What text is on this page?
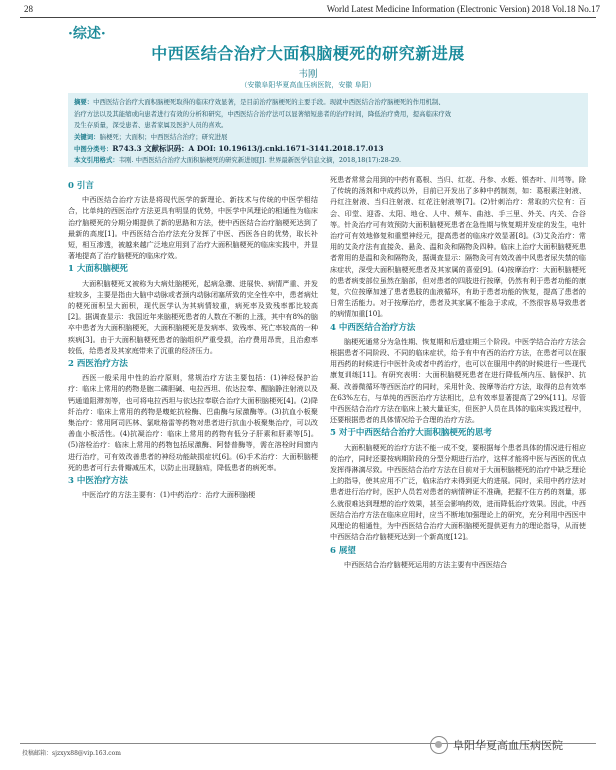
28	World Latest Medicine Information (Electronic Version) 2018 Vol.18 No.17
·综述·
中西医结合治疗大面积脑梗死的研究新进展
韦刚
（安徽阜阳华夏高血压病医院，安徽 阜阳）
摘要：中西医结合治疗大面积脑梗死取得的临床疗效显著，是目前治疗脑梗死的主要手段。现就中西医结合治疗脑梗死的作用机制、
治疗方法以及其能缩或向患者进行有效的分析和研究，中西医结合治疗法可以显著缩短患者的治疗时间，降低治疗费用，提高临床疗效
及生存质量，深受患者、患者家属及医护人员的喜欢。
关键词：脑梗死；大面积；中西医结合治疗；研究进展
中图分类号：R743.3 文献标识码：A DOI: 10.19613/j.cnki.1671-3141.2018.17.013
本文引用格式：韦刚. 中西医结合治疗大面积脑梗死的研究新进展[J]. 世界最新医学信息文摘，2018,18(17):28-29.
0 引言

中西医结合治疗方法是将现代医学的新理论、新技术与传统的中医学相结合，比单纯的西医治疗方法更具有明显的优势，中医学中风理论的相通性为临床治疗脑梗死的分期分期提供了新的思路和方法，使中西医结合治疗脑梗死达到了最新的高度[1]。中西医结合治疗法充分发挥了中医、西医各自的优势，取长补短，相互渗透，被越来越广泛地应用到了治疗大面积脑梗死的临床实践中，并显著地提高了治疗脑梗死的临床疗效。

1 大面积脑梗死

大面积脑梗死又被称为大病灶脑梗死，起病急骤、进展快、病情严重、并发症较多，主要是指由大脑中动脉或者颈内动脉闭塞所致的完全性卒中，患者病灶的梗死面积呈大面积，现代医学认为其病情较重，病死率及致残率都比较高[2]。据调查显示：我国近年来脑梗死患者的人数在不断的上涨，其中有8%的脑卒中患者为大面积脑梗死，大面积脑梗死是发病率、致残率、死亡率较高的一种疾病[3]。由于大面积脑梗死患者的脑组织严重受损，治疗费用昂贵，且治愈率较低，给患者及其家庭带来了沉重的经济压力。

2 西医治疗方法

西医一般采用中性的治疗原则，常规治疗方法主要包括：(1)神经保护治疗：临床上常用的药物是胞二磷胆碱、电拉西坦、依达拉奉、醒脑静注射液以及钙通道阻滞剂等，也可将电拉西坦与依达拉奉联合治疗大面积脑梗死[4]。(2)降纤治疗：临床上常用的药物是蝮蛇抗栓酶、巴曲酶与尿激酶等。(3)抗血小板聚集治疗：常用阿司匹林、氯吡格雷等药物对患者进行抗血小板聚集治疗，可以改善血小板活性。(4)抗凝治疗：临床上常用的药物有低分子肝素和肝素等[5]。(5)溶栓治疗：临床上常用的药物包括尿激酶、阿替普酶等，需在溶栓时间窗内进行治疗，可有效改善患者的神经功能缺损症状[6]。(6)手术治疗：大面积脑梗死的患者可行去骨瓣减压术，以防止出现脑疝，降低患者的病死率。

3 中医治疗方法

中医治疗的方法主要有：(1)中药治疗：治疗大面积脑梗

死患者常常会用到的中药有葛根、当归、红花、丹参、水蛭、银杏叶、川芎等。除了传统的汤剂和中成药以外，目前已开发出了多种中药制剂，如：葛根素注射液、丹红注射液、当归注射液、红花注射液等[7]。(2)针刺治疗：常取的穴位有：百会、印堂、迎香、太阳、地仓、人中、颊车、曲池、手三里、外关、内关、合谷等。针灸治疗可有效预防大面积脑梗死患者在急性期与恢复期并发症的发生，电针治疗可有效地修复和重塑神经元，提高患者的临床疗效显著[8]。(3)艾灸治疗：常用的艾灸疗法有直接灸、悬灸、温和灸和隔物灸四种。临床上治疗大面积脑梗死患者常用的是温和灸和隔物灸，据调查显示：隔物灸可有效改善中风患者尿失禁的临床症状，深受大面积脑梗死患者及其家属的喜爱[9]。(4)按摩治疗：大面积脑梗死的患者病变部位虽然在脑部，但对患者的四肢进行按摩，仍然有利于患者功能的康复，穴位按摩加速了患者患肢的血液循环，有助于患者功能的恢复，提高了患者的日常生活能力。对于按摩治疗，患者及其家属不能急于求成，不然很容易导致患者的病情加重[10]。

4 中西医结合治疗方法

脑梗死通常分为急性期、恢复期和后遗症期三个阶段。中医学结合治疗方法会根据患者不同阶段、不同的临床症状，给予有中有西的治疗方法，在患者可以在服用西药的时候进行中医针灸或者中药治疗，也可以在服用中药的时候进行一些现代康复训练[11]。有研究表明：大面积脑梗死患者在进行降低颅内压、脑保护、抗凝、改善微循环等西医治疗的同时，采用针灸、按摩等治疗方法，取得的总有效率在63%左右，与单纯的西医治疗方法相比，总有效率显著提高了29%[11]。尽管中西医结合治疗方法在临床上被大量证实，但医护人员在具体的临床实践过程中，还要根据患者的具体情况给予合理的治疗方法。

5 对于中西医结合治疗大面积脑梗死的思考

大面积脑梗死的治疗方法不能一成不变，要根据每个患者具体的情况进行相应的治疗，同时还要按病期阶段的分型分期进行治疗，这样才能将中医与西医的优点发挥得淋漓尽致。中西医结合治疗方法在目前对于大面积脑梗死的治疗中缺乏理论上的指导，使其应用不广泛，临床治疗未得到更大的进展。同时，采用中药疗法对患者进行治疗时，医护人员若对患者的病情辨证不准确，把握不住方药的剂量，那么就很难达到理想的治疗效果，甚至会影响药效，进而降低治疗效果。因此，中西医结合治疗方法在临床应用时，应当不断地加强理论上的研究，充分利用中西医中风理论的相通性，为中西医结合治疗大面积脑梗死提供更有力的理论指导，从而使中西医结合治疗脑梗死达到一个新高度[12]。

6 展望

中西医结合治疗脑梗死运用的方法主要有中西医结合

投稿邮箱：sjzxyx88@vip.163.com
阜阳华夏高血压病医院
